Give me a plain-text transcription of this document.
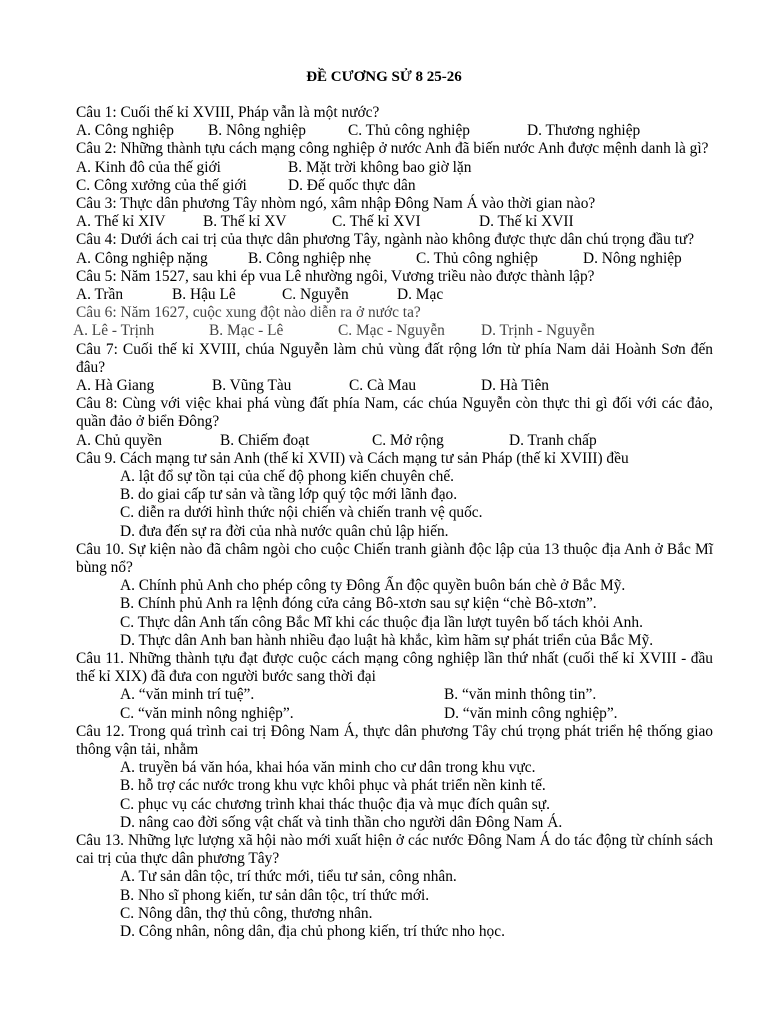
ĐỀ CƯƠNG SỬ 8 25-26

Câu 1: Cuối thế kỉ XVIII, Pháp vẫn là một nước?

A. Công nghiệp B. Nông nghiệp	C. Thủ công nghiệp	D. Thương nghiệp

Câu 2: Những thành tựu cách mạng công nghiệp ở nước Anh đã biến nước Anh được mệnh danh là gì?

A. Kinh đô của thế giới	B. Mặt trời không bao giờ lặn
C. Công xưởng của thế giới	D. Đế quốc thực dân

Câu 3: Thực dân phương Tây nhòm ngó, xâm nhập Đông Nam Á vào thời gian nào?

A. Thế kỉ XIV B. Thế kỉ XV	C. Thế kỉ XVI	D. Thế kỉ XVII

Câu 4: Dưới ách cai trị của thực dân phương Tây, ngành nào không được thực dân chú trọng đầu tư?

A. Công nghiệp nặng	B. Công nghiệp nhẹ	C. Thủ công nghiệp	D. Nông nghiệp

Câu 5: Năm 1527, sau khi ép vua Lê nhường ngôi, Vương triều nào được thành lập?

A. Trần	B. Hậu Lê	C. Nguyễn	D. Mạc

Câu 6: Năm 1627, cuộc xung đột nào diễn ra ở nước ta?

A. Lê - Trịnh	B. Mạc - Lê	C. Mạc - Nguyễn D. Trịnh - Nguyễn

Câu 7: Cuối thế kỉ XVIII, chúa Nguyễn làm chủ vùng đất rộng lớn từ phía Nam dải Hoành Sơn đến đâu?

A. Hà Giang	B. Vũng Tàu	C. Cà Mau	D. Hà Tiên

Câu 8: Cùng với việc khai phá vùng đất phía Nam, các chúa Nguyễn còn thực thi gì đối với các đảo, quần đảo ở biển Đông?

A. Chủ quyền	B. Chiếm đoạt	C. Mở rộng	D. Tranh chấp

Câu 9. Cách mạng tư sản Anh (thế kỉ XVII) và Cách mạng tư sản Pháp (thế kỉ XVIII) đều

A. lật đổ sự tồn tại của chế độ phong kiến chuyên chế.

B. do giai cấp tư sản và tầng lớp quý tộc mới lãnh đạo.

C. diễn ra dưới hình thức nội chiến và chiến tranh vệ quốc.

D. đưa đến sự ra đời của nhà nước quân chủ lập hiến.

Câu 10. Sự kiện nào đã châm ngòi cho cuộc Chiến tranh giành độc lập của 13 thuộc địa Anh ở Bắc Mĩ bùng nổ?

A. Chính phủ Anh cho phép công ty Đông Ấn độc quyền buôn bán chè ở Bắc Mỹ.

B. Chính phủ Anh ra lệnh đóng cửa cảng Bô-xtơn sau sự kiện “chè Bô-xtơn”.

C. Thực dân Anh tấn công Bắc Mĩ khi các thuộc địa lần lượt tuyên bố tách khỏi Anh.

D. Thực dân Anh ban hành nhiều đạo luật hà khắc, kìm hãm sự phát triển của Bắc Mỹ.

Câu 11. Những thành tựu đạt được cuộc cách mạng công nghiệp lần thứ nhất (cuối thế kỉ XVIII - đầu thế kỉ XIX) đã đưa con người bước sang thời đại

A. “văn minh trí tuệ”.	B. “văn minh thông tin”.
C. “văn minh nông nghiệp”.	D. “văn minh công nghiệp”.

Câu 12. Trong quá trình cai trị Đông Nam Á, thực dân phương Tây chú trọng phát triển hệ thống giao thông vận tải, nhằm

A. truyền bá văn hóa, khai hóa văn minh cho cư dân trong khu vực.

B. hỗ trợ các nước trong khu vực khôi phục và phát triển nền kinh tế.

C. phục vụ các chương trình khai thác thuộc địa và mục đích quân sự.

D. nâng cao đời sống vật chất và tinh thần cho người dân Đông Nam Á.

Câu 13. Những lực lượng xã hội nào mới xuất hiện ở các nước Đông Nam Á do tác động từ chính sách cai trị của thực dân phương Tây?

A. Tư sản dân tộc, trí thức mới, tiểu tư sản, công nhân.

B. Nho sĩ phong kiến, tư sản dân tộc, trí thức mới.

C. Nông dân, thợ thủ công, thương nhân.

D. Công nhân, nông dân, địa chủ phong kiến, trí thức nho học.
